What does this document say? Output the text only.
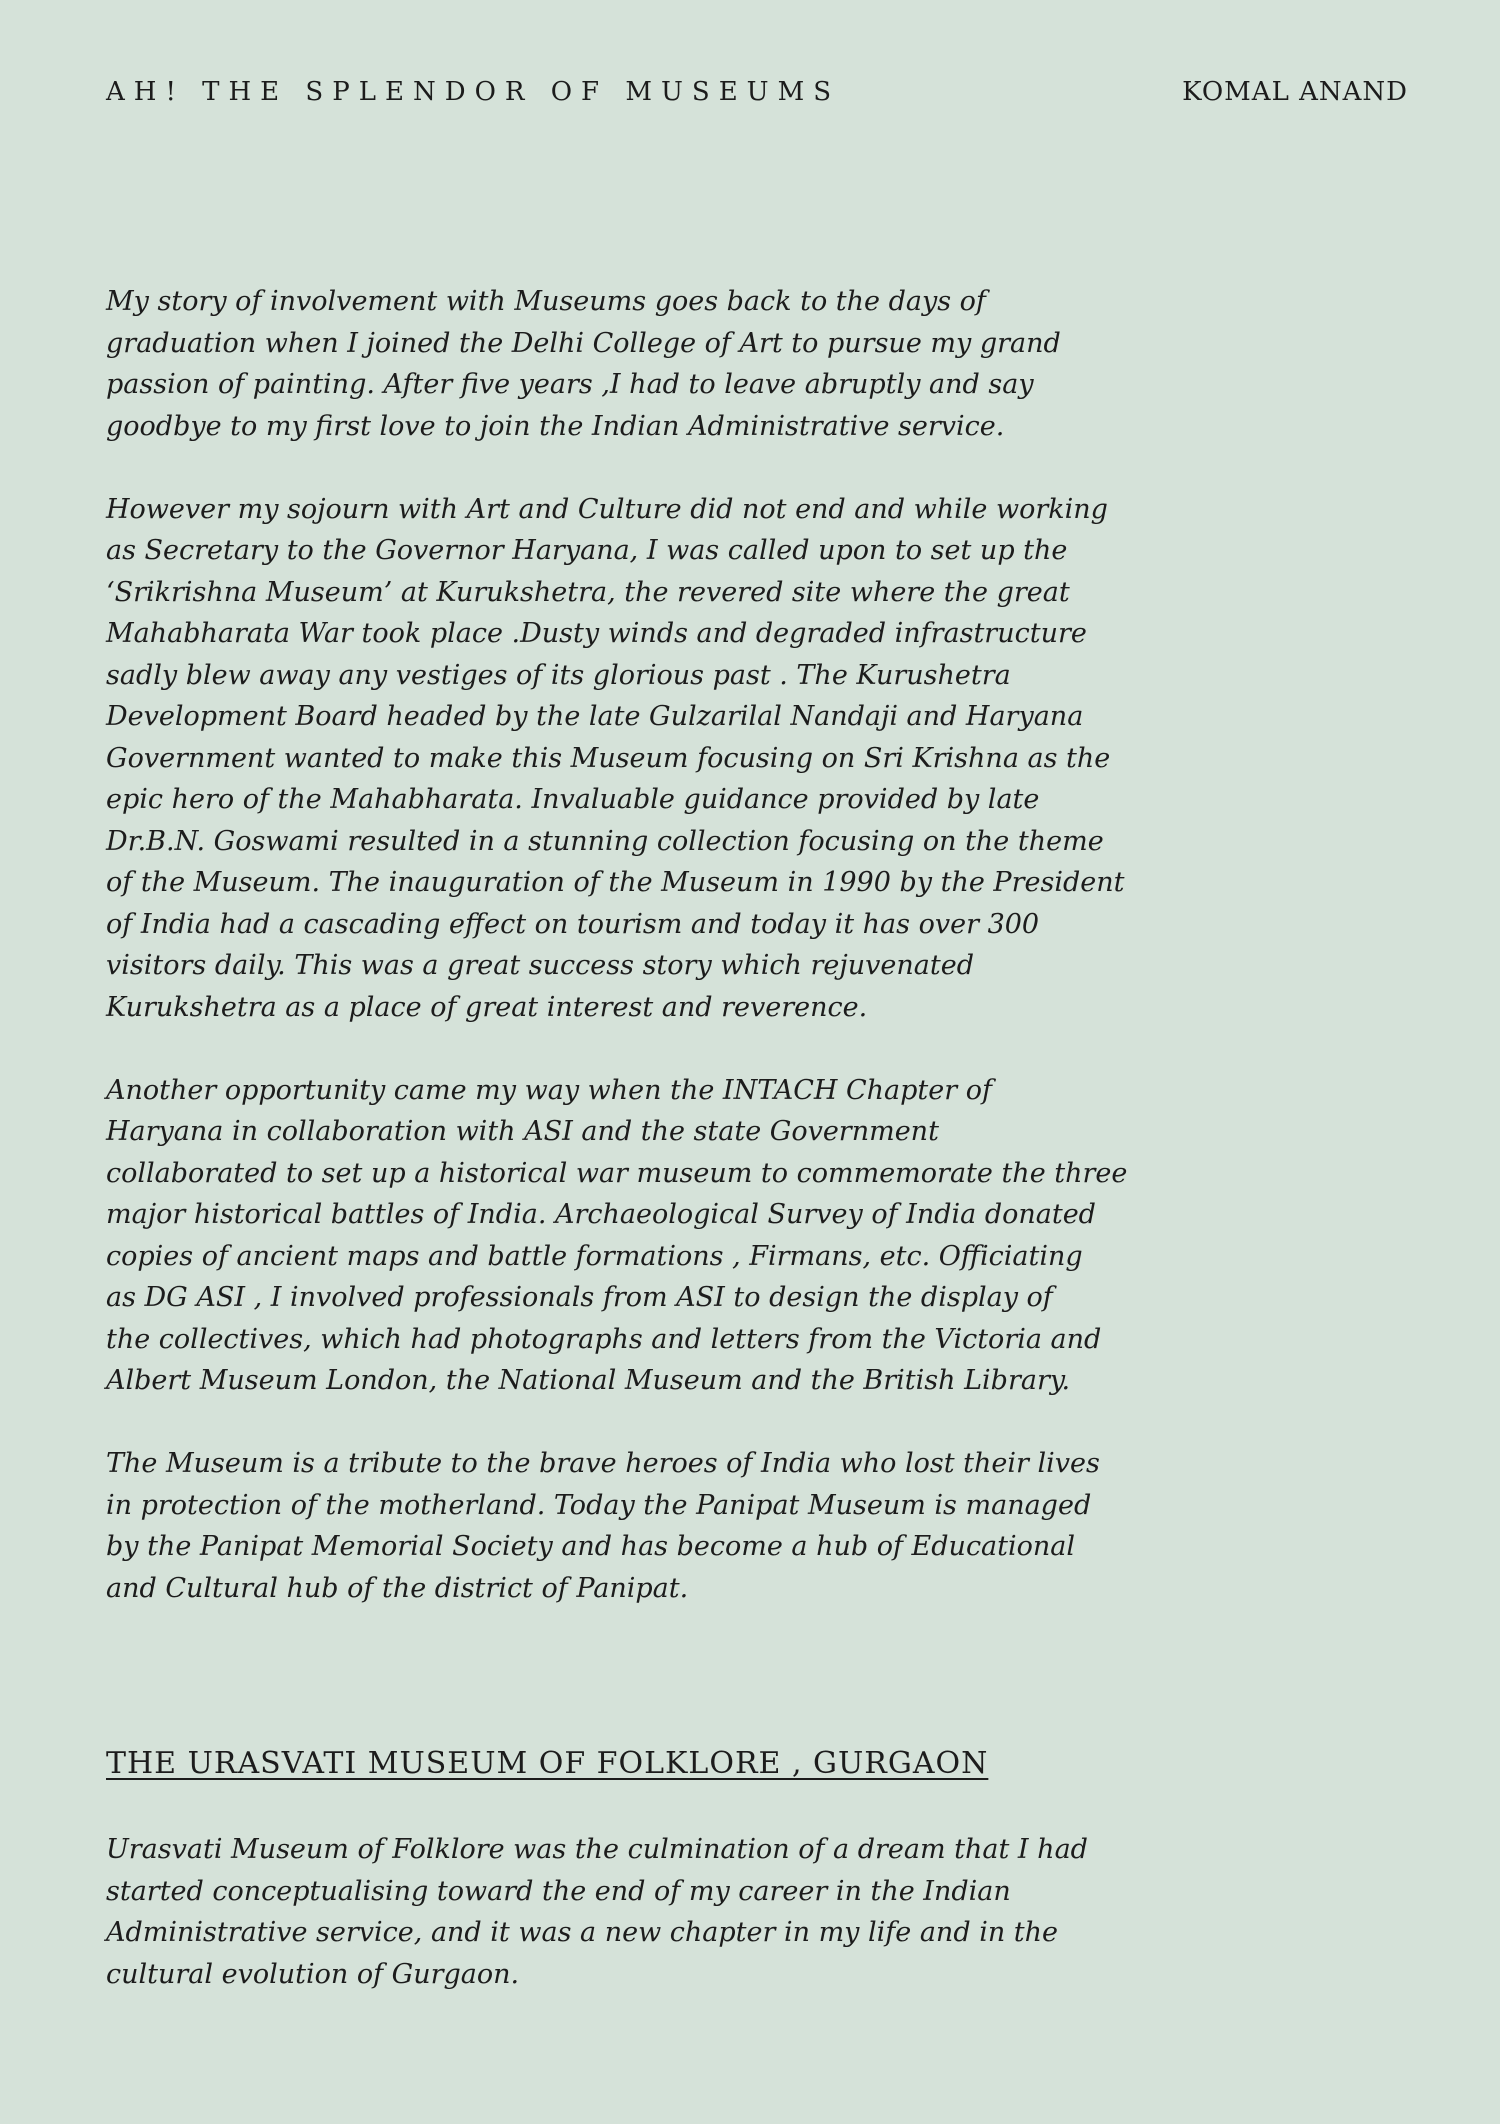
AH! THE SPLENDOR OF MUSEUMS	KOMAL ANAND

My story of involvement with Museums goes back to the days of
graduation when I joined the Delhi College of Art to pursue my grand
passion of painting. After five years ,I had to leave abruptly and say
goodbye to my first love to join the Indian Administrative service.

However my sojourn with Art and Culture did not end and while working
as Secretary to the Governor Haryana, I was called upon to set up the
‘Srikrishna Museum’ at Kurukshetra, the revered site where the great
Mahabharata War took place .Dusty winds and degraded infrastructure
sadly blew away any vestiges of its glorious past . The Kurushetra
Development Board headed by the late Gulzarilal Nandaji and Haryana
Government wanted to make this Museum focusing on Sri Krishna as the
epic hero of the Mahabharata. Invaluable guidance provided by late
Dr.B.N. Goswami resulted in a stunning collection focusing on the theme
of the Museum. The inauguration of the Museum in 1990 by the President
of India had a cascading effect on tourism and today it has over 300
visitors daily. This was a great success story which rejuvenated
Kurukshetra as a place of great interest and reverence.

Another opportunity came my way when the INTACH Chapter of
Haryana in collaboration with ASI and the state Government
collaborated to set up a historical war museum to commemorate the three
major historical battles of India. Archaeological Survey of India donated
copies of ancient maps and battle formations , Firmans, etc. Officiating
as DG ASI , I involved professionals from ASI to design the display of
the collectives, which had photographs and letters from the Victoria and
Albert Museum London, the National Museum and the British Library.

The Museum is a tribute to the brave heroes of India who lost their lives
in protection of the motherland. Today the Panipat Museum is managed
by the Panipat Memorial Society and has become a hub of Educational
and Cultural hub of the district of Panipat.

THE URASVATI MUSEUM OF FOLKLORE , GURGAON

Urasvati Museum of Folklore was the culmination of a dream that I had
started conceptualising toward the end of my career in the Indian
Administrative service, and it was a new chapter in my life and in the
cultural evolution of Gurgaon.
